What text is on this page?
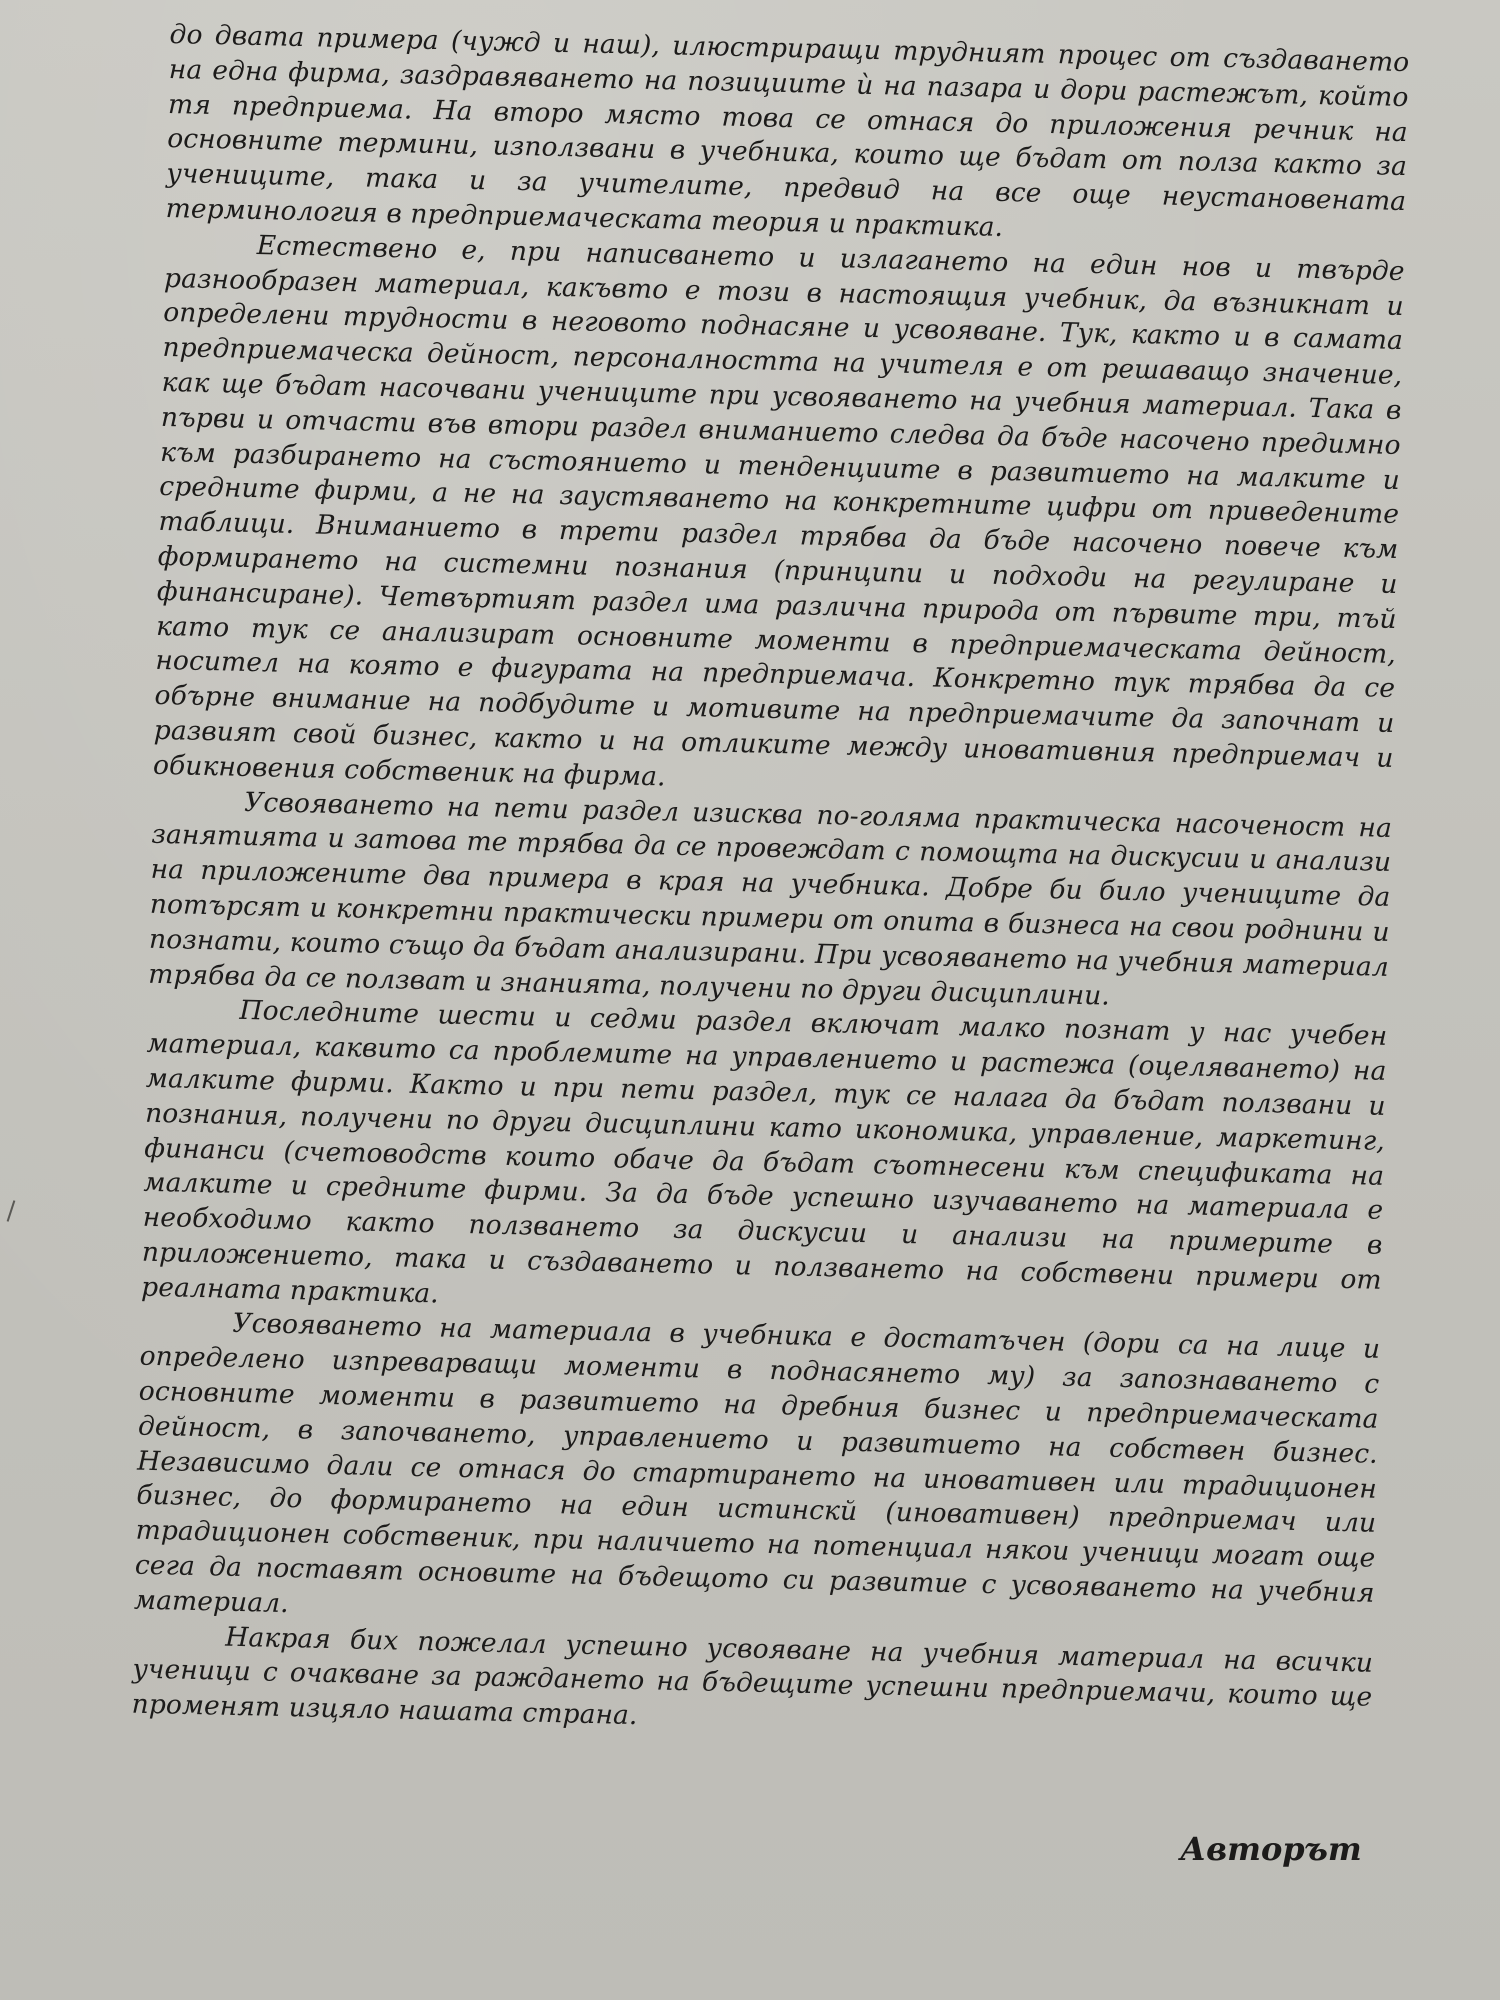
до двата примера (чужд и наш), илюстриращи трудният процес от създаването на една фирма, заздравяването на позициите ѝ на пазара и дори растежът, който тя предприема. На второ място това се отнася до приложения речник на основните термини, използвани в учебника, които ще бъдат от полза както за учениците, така и за учителите, предвид на все още неустановената терминология в предприемаческата теория и практика.

Естествено е, при написването и излагането на един нов и твърде разнообразен материал, какъвто е този в настоящия учебник, да възникнат и определени трудности в неговото поднасяне и усвояване. Тук, както и в самата предприемаческа дейност, персоналността на учителя е от решаващо значение, как ще бъдат насочвани учениците при усвояването на учебния материал. Така в първи и отчасти във втори раздел вниманието следва да бъде насочено предимно към разбирането на състоянието и тенденциите в развитието на малките и средните фирми, а не на заустяването на конкретните цифри от приведените таблици. Вниманието в трети раздел трябва да бъде насочено повече към формирането на системни познания (принципи и подходи на регулиране и финансиране). Четвъртият раздел има различна природа от първите три, тъй като тук се анализират основните моменти в предприемаческата дейност, носител на която е фигурата на предприемача. Конкретно тук трябва да се обърне внимание на подбудите и мотивите на предприемачите да започнат и развият свой бизнес, както и на отликите между иновативния предприемач и обикновения собственик на фирма.

Усвояването на пети раздел изисква по-голяма практическа насоченост на занятията и затова те трябва да се провеждат с помощта на дискусии и анализи на приложените два примера в края на учебника. Добре би било учениците да потърсят и конкретни практически примери от опита в бизнеса на свои роднини и познати, които също да бъдат анализирани. При усвояването на учебния материал трябва да се ползват и знанията, получени по други дисциплини.

Последните шести и седми раздел включат малко познат у нас учебен материал, каквито са проблемите на управлението и растежа (оцеляването) на малките фирми. Както и при пети раздел, тук се налага да бъдат ползвани и познания, получени по други дисциплини като икономика, управление, маркетинг, финанси (счетоводств които обаче да бъдат съотнесени към спецификата на малките и средните фирми. За да бъде успешно изучаването на материала е необходимо както ползването за дискусии и анализи на примерите в приложението, така и създаването и ползването на собствени примери от реалната практика.

Усвояването на материала в учебника е достатъчен (дори са на лице и определено изпреварващи моменти в поднасянето му) за запознаването с основните моменти в развитието на дребния бизнес и предприемаческата дейност, в започването, управлението и развитието на собствен бизнес. Независимо дали се отнася до стартирането на иновативен или традиционен бизнес, до формирането на един истинскй (иновативен) предприемач или традиционен собственик, при наличието на потенциал някои ученици могат още сега да поставят основите на бъдещото си развитие с усвояването на учебния материал.

Накрая бих пожелал успешно усвояване на учебния материал на всички ученици с очакване за раждането на бъдещите успешни предприемачи, които ще променят изцяло нашата страна.

Авторът
